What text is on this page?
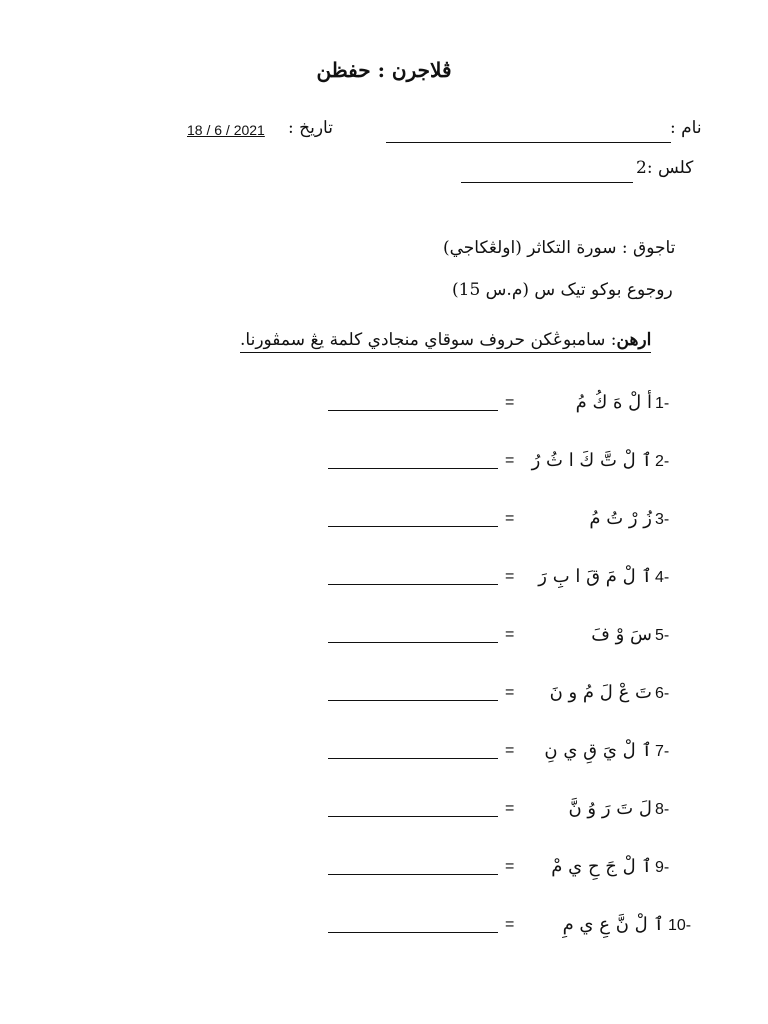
ڤلاجرن : حفظن
نام :
تاريخ :
18 / 6 / 2021
كلس :2
تاجوق : سورة التكاثر (اولڠكاجي)
روجوع بوكو تيک س (م.س 15)
ارهن: سامبوڠكن حروف سوقاي منجادي كلمة يڠ سمڤورنا.
1-
أ لْ هَ كُ مُ
=
2-
ٱ لْ تَّ كَ ا ثُ رُ
=
3-
زُ رْ تُ مُ
=
4-
ٱ لْ مَ قَ ا بِ رَ
=
5-
سَ وْ فَ
=
6-
تَ عْ لَ مُ و نَ
=
7-
ٱ لْ يَ قِ ي نِ
=
8-
لَ تَ رَ وُ نَّ
=
9-
ٱ لْ جَ حِ ي مْ
=
10-
ٱ لْ نَّ عِ ي مِ
=
